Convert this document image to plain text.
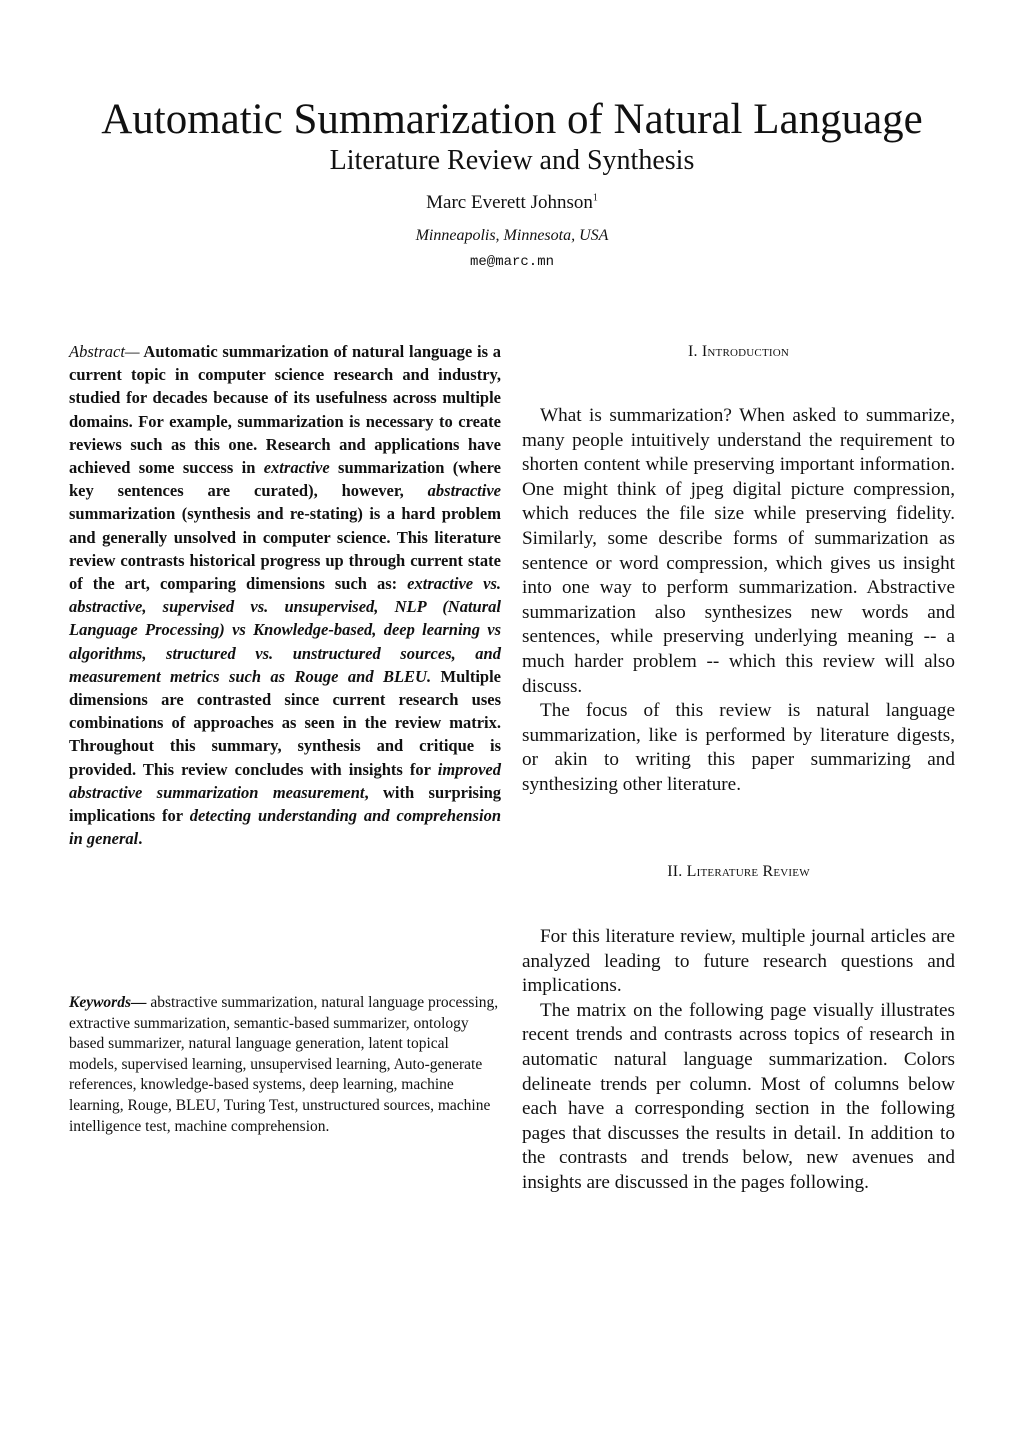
Automatic Summarization of Natural Language
Literature Review and Synthesis
Marc Everett Johnson$^1$
Minneapolis, Minnesota, USA
me@marc.mn
Abstract— Automatic summarization of natural language is a current topic in computer science research and industry, studied for decades because of its usefulness across multiple domains. For example, summarization is necessary to create reviews such as this one. Research and applications have achieved some success in extractive summarization (where key sentences are curated), however, abstractive summarization (synthesis and re-stating) is a hard problem and generally unsolved in computer science. This literature review contrasts historical progress up through current state of the art, comparing dimensions such as: extractive vs. abstractive, supervised vs. unsupervised, NLP (Natural Language Processing) vs Knowledge-based, deep learning vs algorithms, structured vs. unstructured sources, and measurement metrics such as Rouge and BLEU. Multiple dimensions are contrasted since current research uses combinations of approaches as seen in the review matrix. Throughout this summary, synthesis and critique is provided. This review concludes with insights for improved abstractive summarization measurement, with surprising implications for detecting understanding and comprehension in general.
Keywords— abstractive summarization, natural language processing, extractive summarization, semantic-based summarizer, ontology based summarizer, natural language generation, latent topical models, supervised learning, unsupervised learning, Auto-generate references, knowledge-based systems, deep learning, machine learning, Rouge, BLEU, Turing Test, unstructured sources, machine intelligence test, machine comprehension.
I. Introduction

What is summarization? When asked to summarize, many people intuitively understand the requirement to shorten content while preserving important information. One might think of jpeg digital picture compression, which reduces the file size while preserving fidelity. Similarly, some describe forms of summarization as sentence or word compression, which gives us insight into one way to perform summarization. Abstractive summarization also synthesizes new words and sentences, while preserving underlying meaning -- a much harder problem -- which this review will also discuss.

The focus of this review is natural language summarization, like is performed by literature digests, or akin to writing this paper summarizing and synthesizing other literature.

II. Literature Review

For this literature review, multiple journal articles are analyzed leading to future research questions and implications.

The matrix on the following page visually illustrates recent trends and contrasts across topics of research in automatic natural language summarization. Colors delineate trends per column. Most of columns below each have a corresponding section in the following pages that discusses the results in detail. In addition to the contrasts and trends below, new avenues and insights are discussed in the pages following.
